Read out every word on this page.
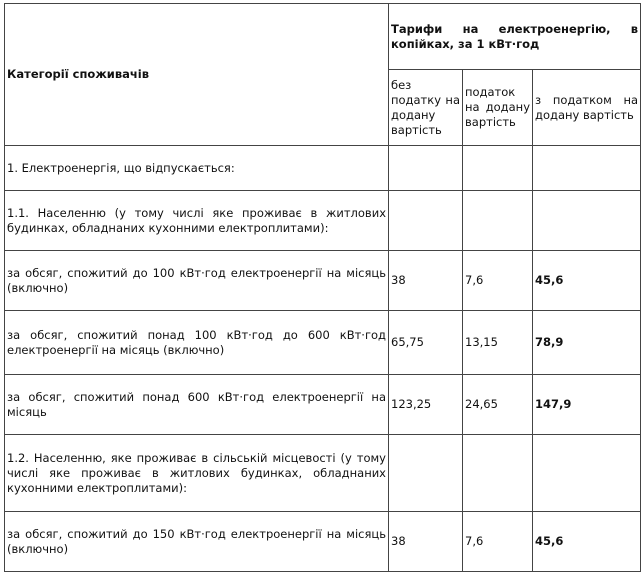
Категорії споживачів	Тарифи на електроенергію, в копійках, за 1 кВт·год		
	без податку на додану вартість	податок на додану вартість	з податком на додану вартість
1. Електроенергія, що відпускається:			
1.1. Населенню (у тому числі яке проживає в житлових будинках, обладнаних кухонними електроплитами):			
за обсяг, спожитий до 100 кВт·год електроенергії на місяць (включно)	38	7,6	45,6
за обсяг, спожитий понад 100 кВт·год до 600 кВт·год електроенергії на місяць (включно)	65,75	13,15	78,9
за обсяг, спожитий понад 600 кВт·год електроенергії на місяць	123,25	24,65	147,9
1.2. Населенню, яке проживає в сільській місцевості (у тому числі яке проживає в житлових будинках, обладнаних кухонними електроплитами):			
за обсяг, спожитий до 150 кВт·год електроенергії на місяць (включно)	38	7,6	45,6
